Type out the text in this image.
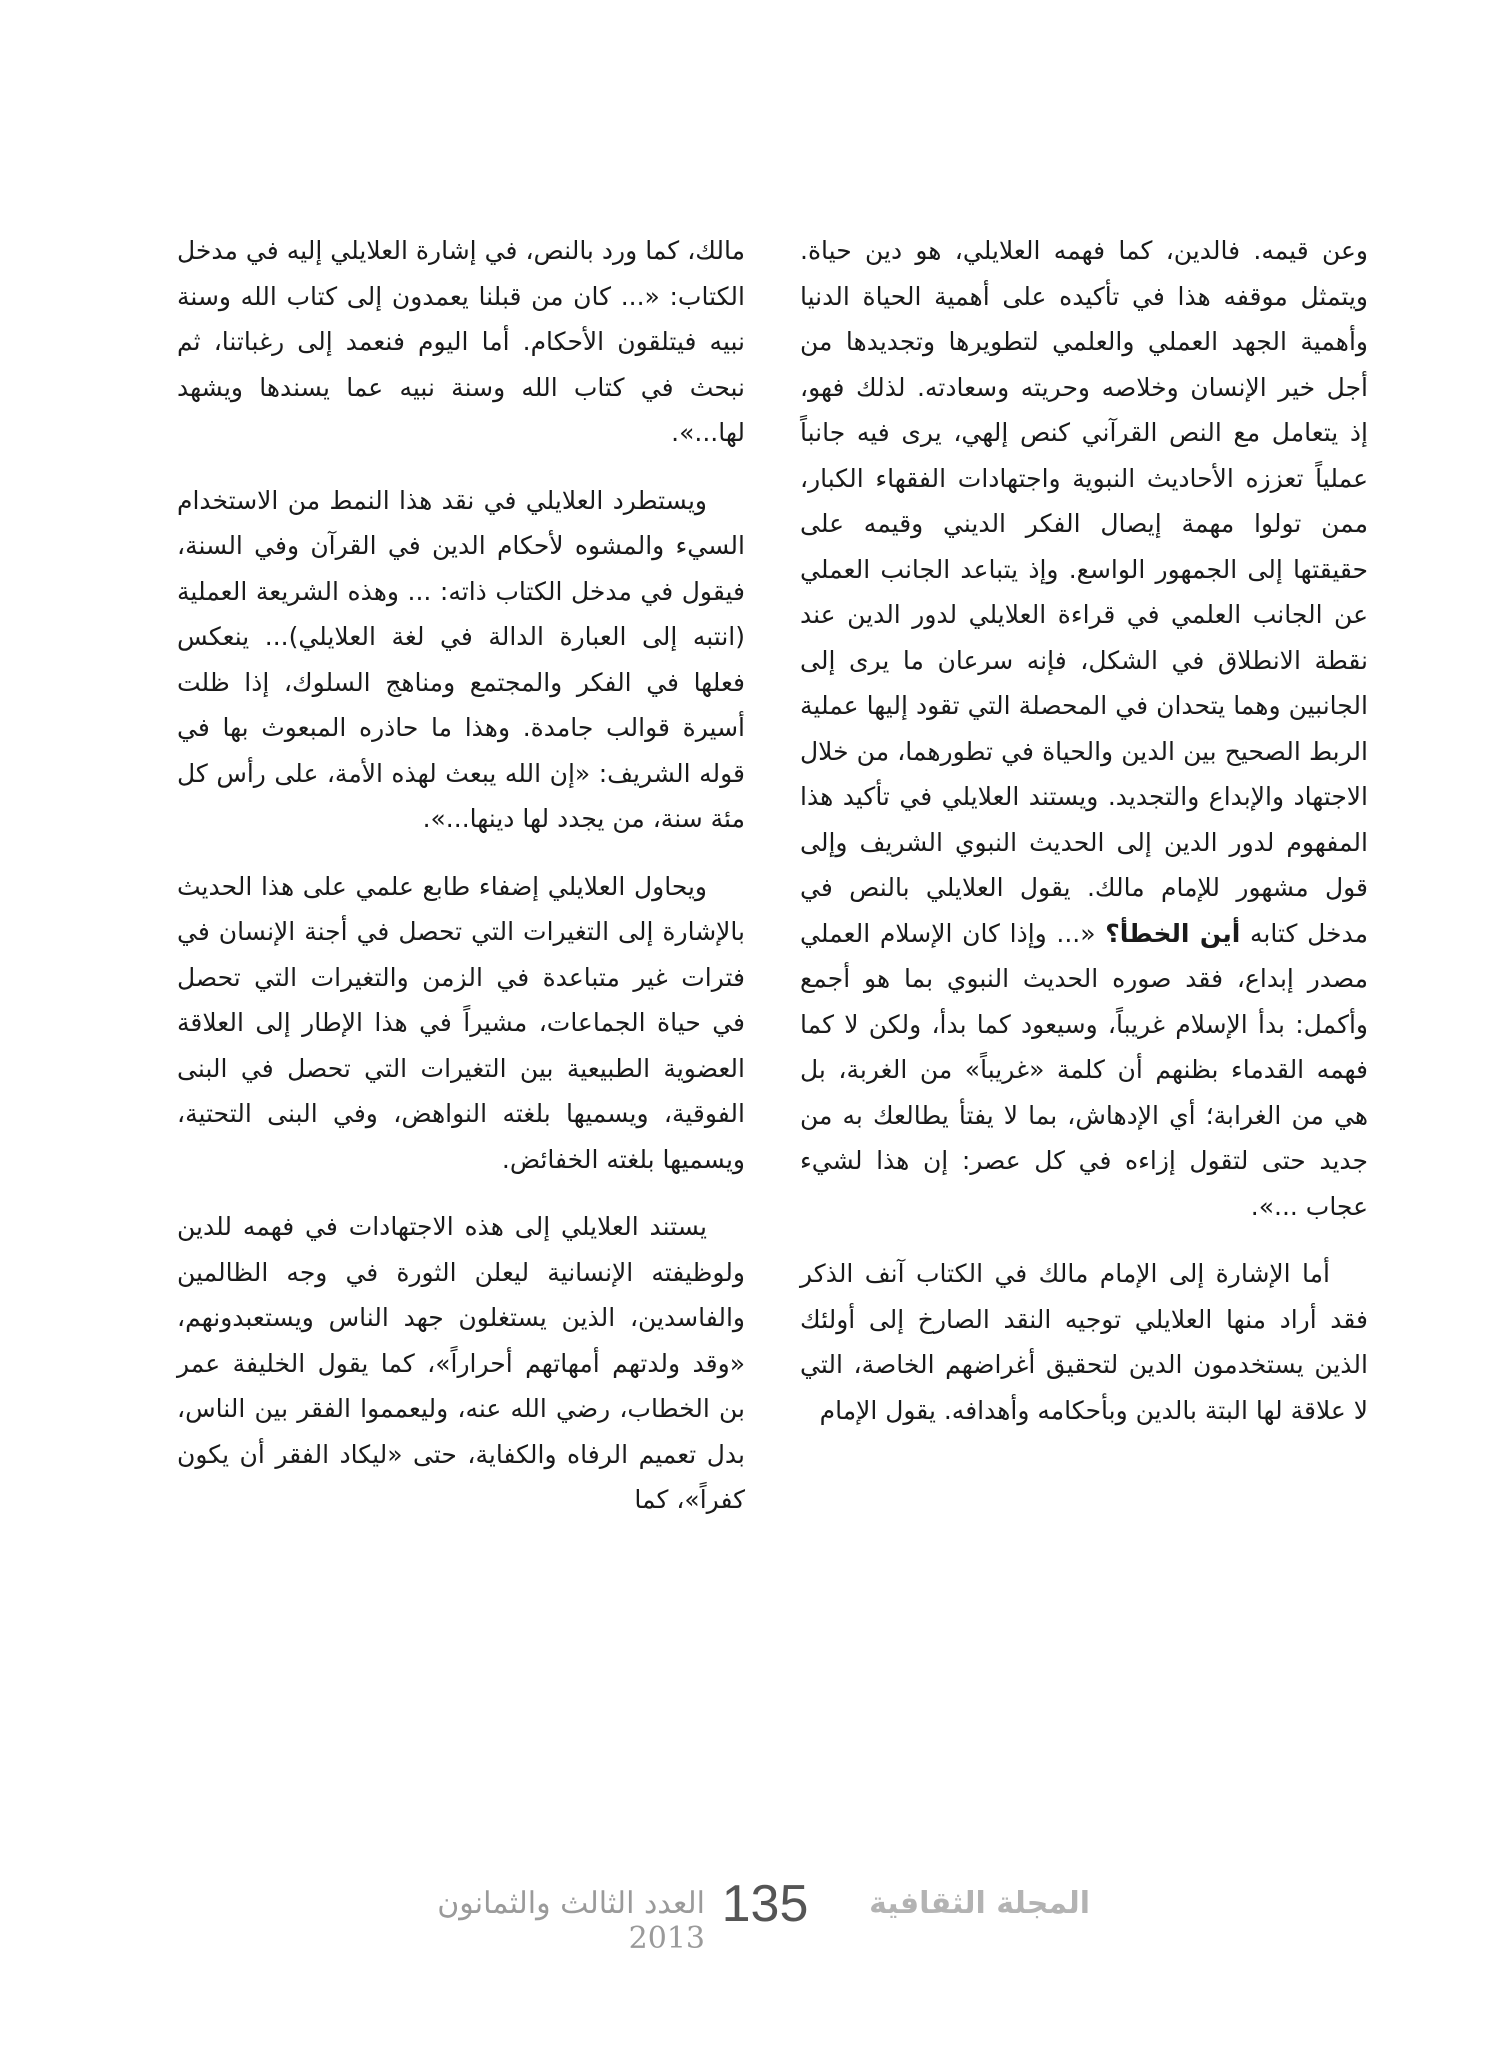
وعن قيمه. فالدين، كما فهمه العلايلي، هو دين حياة. ويتمثل موقفه هذا في تأكيده على أهمية الحياة الدنيا وأهمية الجهد العملي والعلمي لتطويرها وتجديدها من أجل خير الإنسان وخلاصه وحريته وسعادته. لذلك فهو، إذ يتعامل مع النص القرآني كنص إلهي، يرى فيه جانباً عملياً تعززه الأحاديث النبوية واجتهادات الفقهاء الكبار، ممن تولوا مهمة إيصال الفكر الديني وقيمه على حقيقتها إلى الجمهور الواسع. وإذ يتباعد الجانب العملي عن الجانب العلمي في قراءة العلايلي لدور الدين عند نقطة الانطلاق في الشكل، فإنه سرعان ما يرى إلى الجانبين وهما يتحدان في المحصلة التي تقود إليها عملية الربط الصحيح بين الدين والحياة في تطورهما، من خلال الاجتهاد والإبداع والتجديد. ويستند العلايلي في تأكيد هذا المفهوم لدور الدين إلى الحديث النبوي الشريف وإلى قول مشهور للإمام مالك. يقول العلايلي بالنص في مدخل كتابه أين الخطأ؟ «... وإذا كان الإسلام العملي مصدر إبداع، فقد صوره الحديث النبوي بما هو أجمع وأكمل: بدأ الإسلام غريباً، وسيعود كما بدأ، ولكن لا كما فهمه القدماء بظنهم أن كلمة «غريباً» من الغربة، بل هي من الغرابة؛ أي الإدهاش، بما لا يفتأ يطالعك به من جديد حتى لتقول إزاءه في كل عصر: إن هذا لشيء عجاب ...».

أما الإشارة إلى الإمام مالك في الكتاب آنف الذكر فقد أراد منها العلايلي توجيه النقد الصارخ إلى أولئك الذين يستخدمون الدين لتحقيق أغراضهم الخاصة، التي لا علاقة لها البتة بالدين وبأحكامه وأهدافه. يقول الإمام

مالك، كما ورد بالنص، في إشارة العلايلي إليه في مدخل الكتاب: «... كان من قبلنا يعمدون إلى كتاب الله وسنة نبيه فيتلقون الأحكام. أما اليوم فنعمد إلى رغباتنا، ثم نبحث في كتاب الله وسنة نبيه عما يسندها ويشهد لها...».

ويستطرد العلايلي في نقد هذا النمط من الاستخدام السيء والمشوه لأحكام الدين في القرآن وفي السنة، فيقول في مدخل الكتاب ذاته: ... وهذه الشريعة العملية (انتبه إلى العبارة الدالة في لغة العلايلي)... ينعكس فعلها في الفكر والمجتمع ومناهج السلوك، إذا ظلت أسيرة قوالب جامدة. وهذا ما حاذره المبعوث بها في قوله الشريف: «إن الله يبعث لهذه الأمة، على رأس كل مئة سنة، من يجدد لها دينها...».

ويحاول العلايلي إضفاء طابع علمي على هذا الحديث بالإشارة إلى التغيرات التي تحصل في أجنة الإنسان في فترات غير متباعدة في الزمن والتغيرات التي تحصل في حياة الجماعات، مشيراً في هذا الإطار إلى العلاقة العضوية الطبيعية بين التغيرات التي تحصل في البنى الفوقية، ويسميها بلغته النواهض، وفي البنى التحتية، ويسميها بلغته الخفائض.

يستند العلايلي إلى هذه الاجتهادات في فهمه للدين ولوظيفته الإنسانية ليعلن الثورة في وجه الظالمين والفاسدين، الذين يستغلون جهد الناس ويستعبدونهم، «وقد ولدتهم أمهاتهم أحراراً»، كما يقول الخليفة عمر بن الخطاب، رضي الله عنه، وليعمموا الفقر بين الناس، بدل تعميم الرفاه والكفاية، حتى «ليكاد الفقر أن يكون كفراً»، كما

العدد الثالث والثمانون 2013
135	المجلة الثقافية
